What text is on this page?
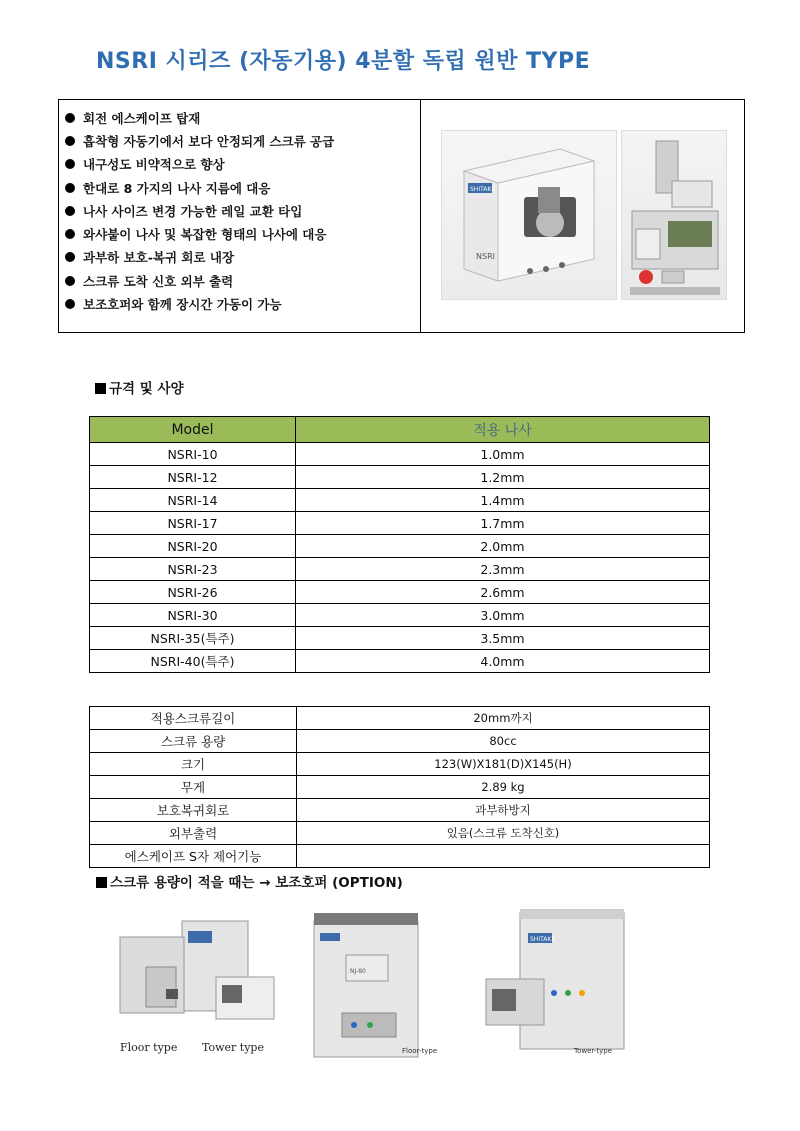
NSRI 시리즈 (자동기용) 4분할 독립 원반 TYPE
회전 에스케이프 탑재
흡착형 자동기에서 보다 안정되게 스크류 공급
내구성도 비약적으로 향상
한대로 8 가지의 나사 지름에 대응
나사 사이즈 변경 가능한 레일 교환 타입
와샤붙이 나사 및 복잡한 형태의 나사에 대응
과부하 보호-복귀 회로 내장
스크류 도착 신호 외부 출력
보조호퍼와 함께 장시간 가동이 가능
SHITAKE
NSRI
규격 및 사양
Model	적용 나사
NSRI-10	1.0mm
NSRI-12	1.2mm
NSRI-14	1.4mm
NSRI-17	1.7mm
NSRI-20	2.0mm
NSRI-23	2.3mm
NSRI-26	2.6mm
NSRI-30	3.0mm
NSRI-35(특주)	3.5mm
NSRI-40(특주)	4.0mm
적용스크류길이	20mm까지
스크류 용량	80cc
크기	123(W)X181(D)X145(H)
무게	2.89 kg
보호복귀회로	과부하방지
외부출력	있음(스크류 도착신호)
에스케이프 S자 제어기능	
스크류 용량이 적을 때는 → 보조호퍼 (OPTION)
Floor type Tower type
NJ-80
SHITAKE
Floor-type	Tower-type
